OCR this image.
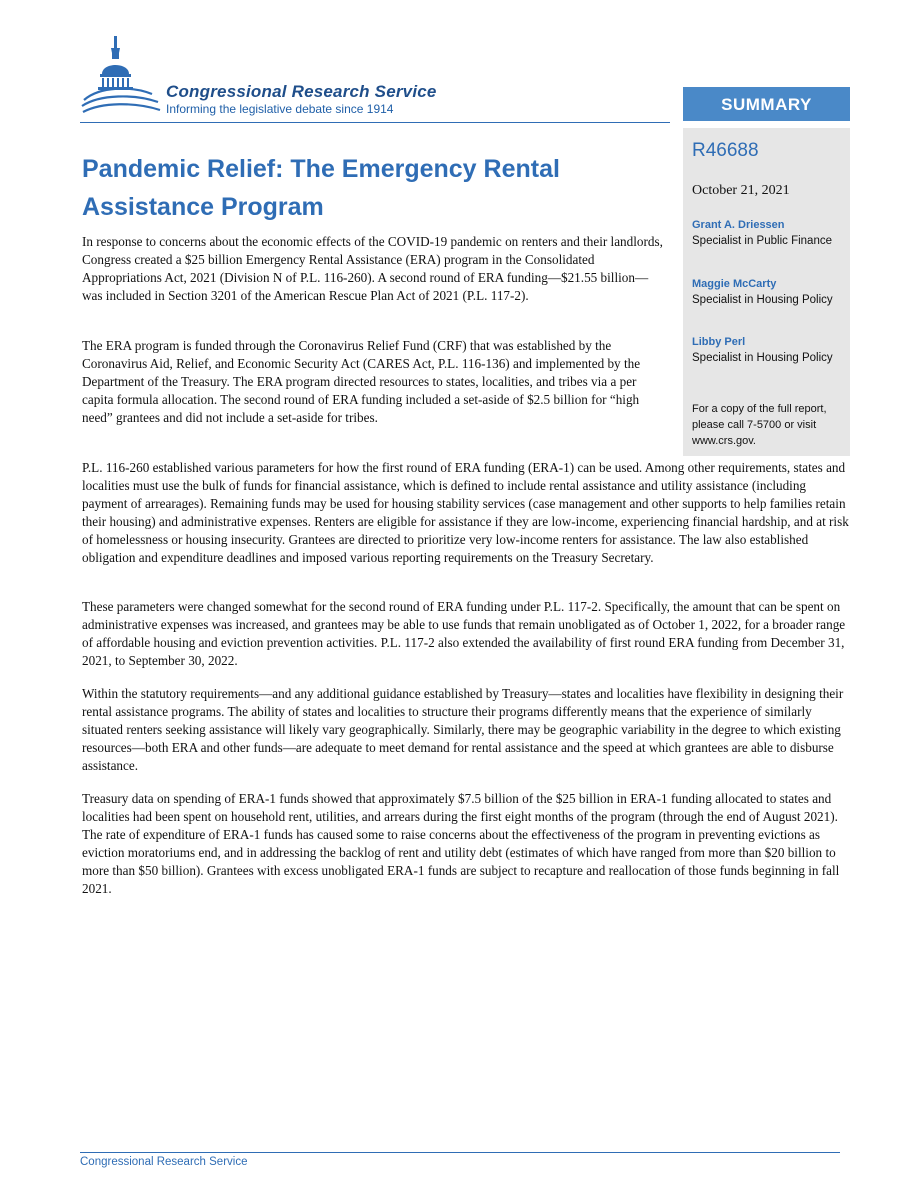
Congressional Research Service
Informing the legislative debate since 1914	SUMMARY
R46688
October 21, 2021
Grant A. Driessen
Specialist in Public Finance
Maggie McCarty
Specialist in Housing Policy
Libby Perl
Specialist in Housing Policy
For a copy of the full report, please call 7-5700 or visit www.crs.gov.
Pandemic Relief: The Emergency Rental Assistance Program

In response to concerns about the economic effects of the COVID-19 pandemic on renters and their landlords, Congress created a $25 billion Emergency Rental Assistance (ERA) program in the Consolidated Appropriations Act, 2021 (Division N of P.L. 116-260). A second round of ERA funding—$21.55 billion—was included in Section 3201 of the American Rescue Plan Act of 2021 (P.L. 117-2).

The ERA program is funded through the Coronavirus Relief Fund (CRF) that was established by the Coronavirus Aid, Relief, and Economic Security Act (CARES Act, P.L. 116-136) and implemented by the Department of the Treasury. The ERA program directed resources to states, localities, and tribes via a per capita formula allocation. The second round of ERA funding included a set-aside of $2.5 billion for “high need” grantees and did not include a set-aside for tribes.

P.L. 116-260 established various parameters for how the first round of ERA funding (ERA-1) can be used. Among other requirements, states and localities must use the bulk of funds for financial assistance, which is defined to include rental assistance and utility assistance (including payment of arrearages). Remaining funds may be used for housing stability services (case management and other supports to help families retain their housing) and administrative expenses. Renters are eligible for assistance if they are low-income, experiencing financial hardship, and at risk of homelessness or housing insecurity. Grantees are directed to prioritize very low-income renters for assistance. The law also established obligation and expenditure deadlines and imposed various reporting requirements on the Treasury Secretary.

These parameters were changed somewhat for the second round of ERA funding under P.L. 117-2. Specifically, the amount that can be spent on administrative expenses was increased, and grantees may be able to use funds that remain unobligated as of October 1, 2022, for a broader range of affordable housing and eviction prevention activities. P.L. 117-2 also extended the availability of first round ERA funding from December 31, 2021, to September 30, 2022.

Within the statutory requirements—and any additional guidance established by Treasury—states and localities have flexibility in designing their rental assistance programs. The ability of states and localities to structure their programs differently means that the experience of similarly situated renters seeking assistance will likely vary geographically. Similarly, there may be geographic variability in the degree to which existing resources—both ERA and other funds—are adequate to meet demand for rental assistance and the speed at which grantees are able to disburse assistance.

Treasury data on spending of ERA-1 funds showed that approximately $7.5 billion of the $25 billion in ERA-1 funding allocated to states and localities had been spent on household rent, utilities, and arrears during the first eight months of the program (through the end of August 2021). The rate of expenditure of ERA-1 funds has caused some to raise concerns about the effectiveness of the program in preventing evictions as eviction moratoriums end, and in addressing the backlog of rent and utility debt (estimates of which have ranged from more than $20 billion to more than $50 billion). Grantees with excess unobligated ERA-1 funds are subject to recapture and reallocation of those funds beginning in fall 2021.

Congressional Research Service
